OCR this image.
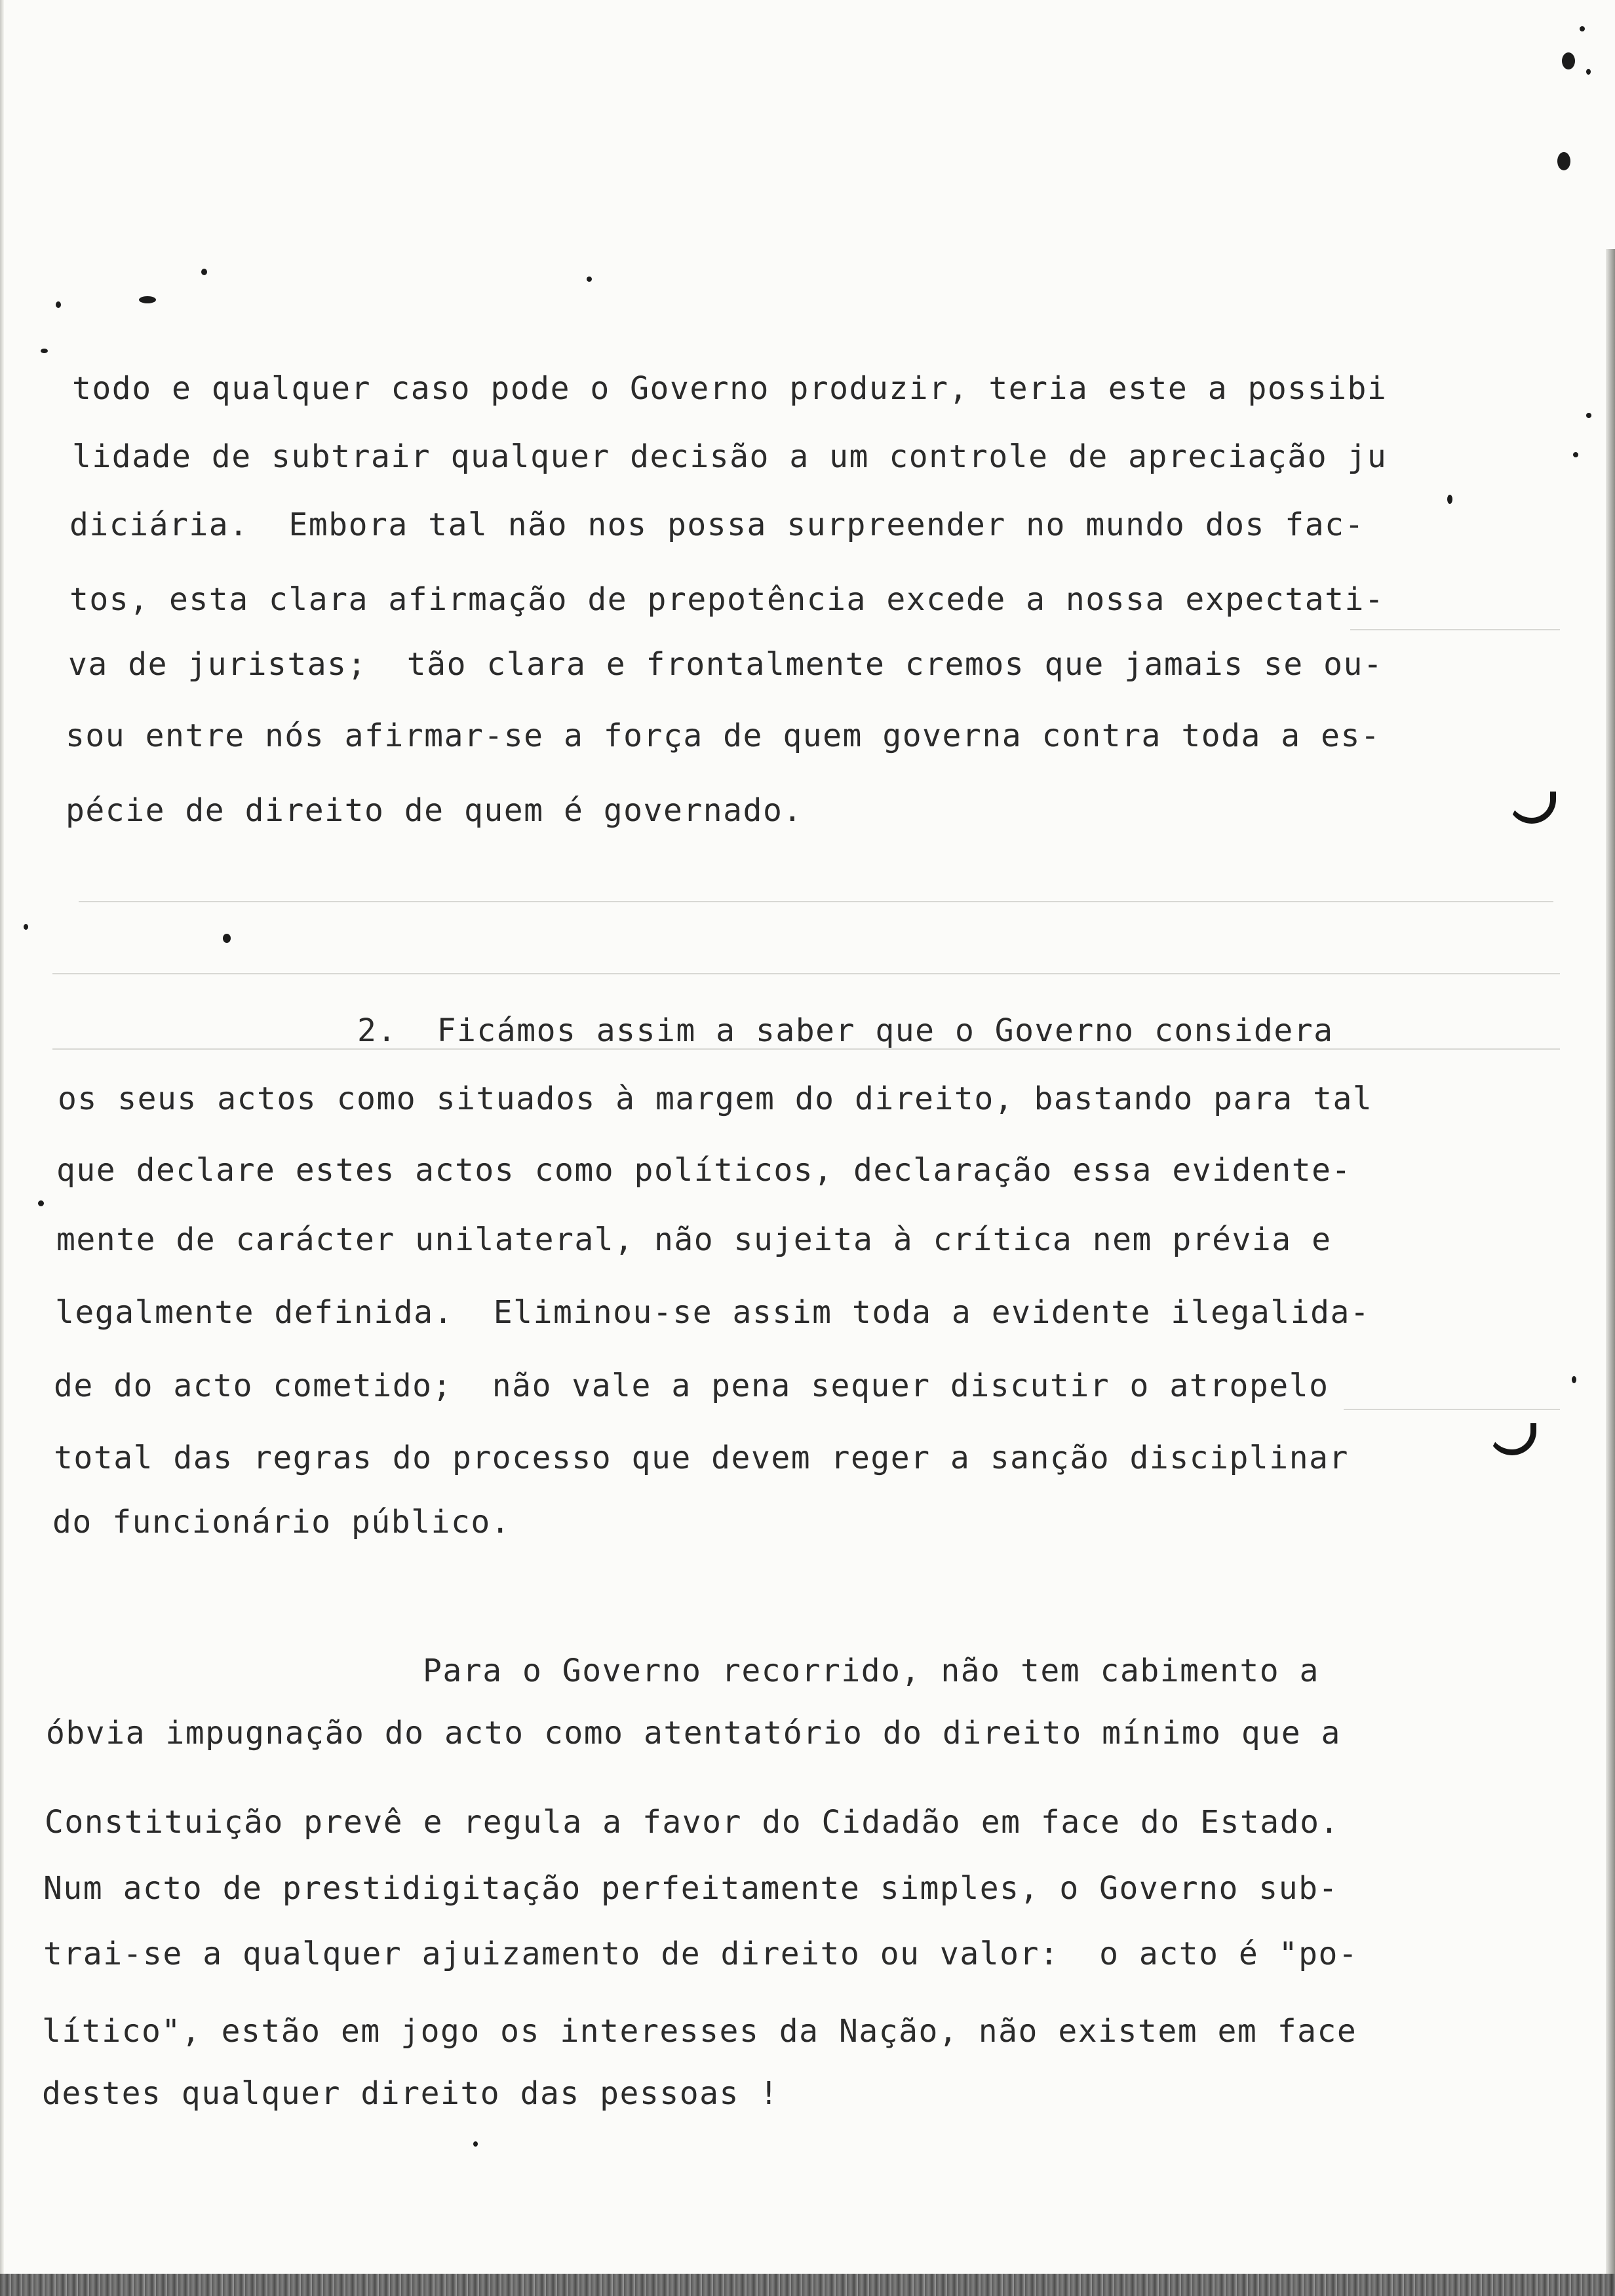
todo e qualquer caso pode o Governo produzir, teria este a possibi
lidade de subtrair qualquer decisão a um controle de apreciação ju
diciária.  Embora tal não nos possa surpreender no mundo dos fac-
tos, esta clara afirmação de prepotência excede a nossa expectati-
va de juristas;  tão clara e frontalmente cremos que jamais se ou-
sou entre nós afirmar-se a força de quem governa contra toda a es-
pécie de direito de quem é governado.
2.  Ficámos assim a saber que o Governo considera
os seus actos como situados à margem do direito, bastando para tal
que declare estes actos como políticos, declaração essa evidente-
mente de carácter unilateral, não sujeita à crítica nem prévia e
legalmente definida.  Eliminou-se assim toda a evidente ilegalida-
de do acto cometido;  não vale a pena sequer discutir o atropelo
total das regras do processo que devem reger a sanção disciplinar
do funcionário público.
Para o Governo recorrido, não tem cabimento a
óbvia impugnação do acto como atentatório do direito mínimo que a
Constituição prevê e regula a favor do Cidadão em face do Estado.
Num acto de prestidigitação perfeitamente simples, o Governo sub-
trai-se a qualquer ajuizamento de direito ou valor:  o acto é "po-
lítico", estão em jogo os interesses da Nação, não existem em face
destes qualquer direito das pessoas !
